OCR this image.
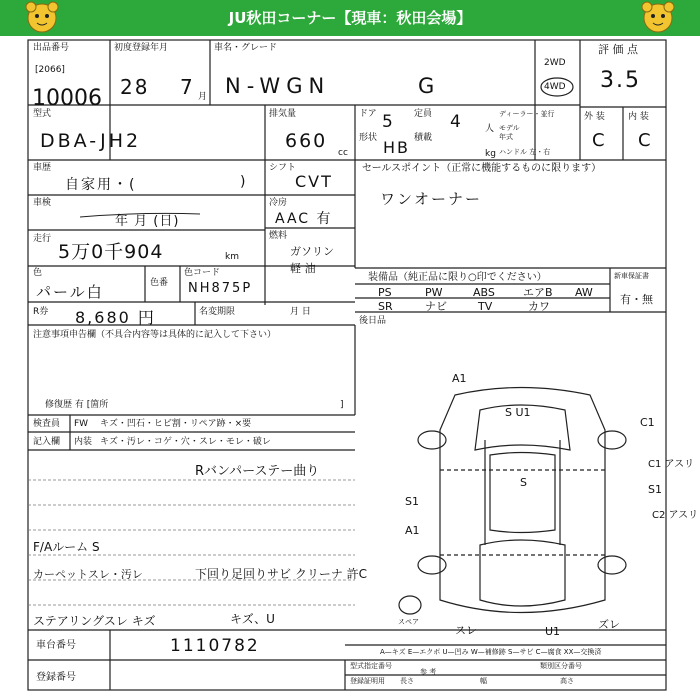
JU秋田コーナー【現車：秋田会場】
出品番号
[2066]
10006
初度登録年月
28 7 月
車名・グレード
N-WGN	G
2WD
4WD
評 価 点
3.5
外 装	内 装
C C
型式
DBA-JH2
排気量
660
cc
ドア 5 定員 4 人
形状 HB 積載
kg
ディーラー・並行
モデル
年式
ハンドル 左・右
車歴
自家用・(	)
シフト
CVT
セールスポイント（正常に機能するものに限ります）
ワンオーナー
車検
年 月 (日)
冷房
AAC 有
走行
5万0千904	km
燃料
ガソリン
軽 油
色
パール白	色番
色コード
NH875P
装備品（純正品に限り○印でください）
PS	PW	ABS	エアB AW
SR	ナビ	TV	カワ
新車保証書
有・無
R券 8,680 円	名変期限	月 日
後日品
注意事項申告欄（不具合内容等は具体的に記入して下さい）
修復歴 有 [箇所	]
検査員
記入欄
FW キズ・凹石・ヒビ割・リペア跡・×要
内装 キズ・汚レ・コゲ・穴・スレ・モレ・破レ
Rバンパーステー曲り
F/Aルーム S
カーペットスレ・汚レ	下回り足回りサビ クリーナ 許C
ステアリングスレ キズ	キズ、U
A1
S U1
C1
C1 アスリ
S
S1
C2 アスリ
S1
A1
スレ	U1
ズレ
スペア
A—キズ E—エクボ U—凹み W—補修跡 S—サビ C—腐食 XX—交換済
車台番号	1110782
登録番号
型式指定番号	類別区分番号
登録証明用 長さ	幅	高さ
参 考
